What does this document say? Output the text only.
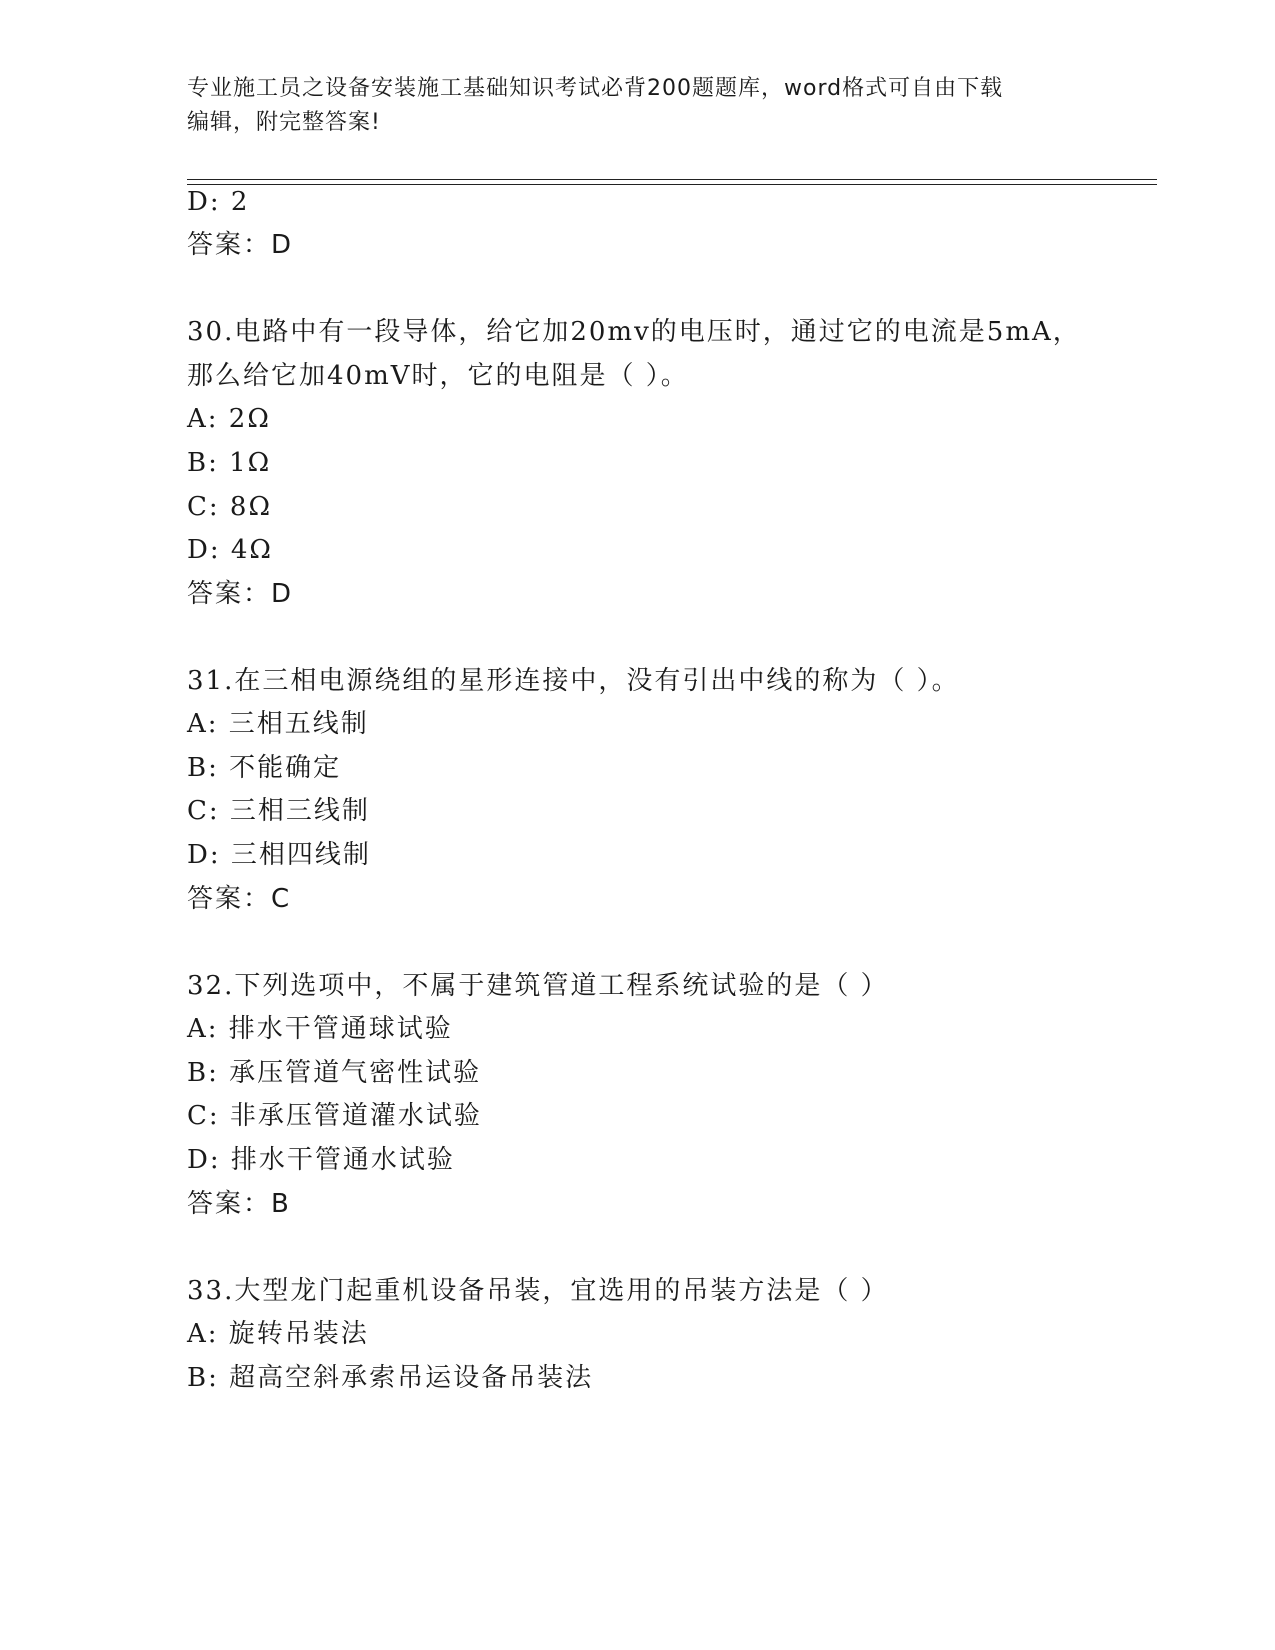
专业施工员之设备安装施工基础知识考试必背200题题库，word格式可自由下载
编辑，附完整答案!
D: 2
答案：D
30.电路中有一段导体，给它加20mv的电压时，通过它的电流是5mA，
那么给它加40mV时，它的电阻是（ ）。
A: 2Ω
B: 1Ω
C: 8Ω
D: 4Ω
答案：D
31.在三相电源绕组的星形连接中，没有引出中线的称为（ ）。
A: 三相五线制
B: 不能确定
C: 三相三线制
D: 三相四线制
答案：C
32.下列选项中，不属于建筑管道工程系统试验的是（ ）
A: 排水干管通球试验
B: 承压管道气密性试验
C: 非承压管道灌水试验
D: 排水干管通水试验
答案：B
33.大型龙门起重机设备吊装，宜选用的吊装方法是（ ）
A: 旋转吊装法
B: 超高空斜承索吊运设备吊装法
